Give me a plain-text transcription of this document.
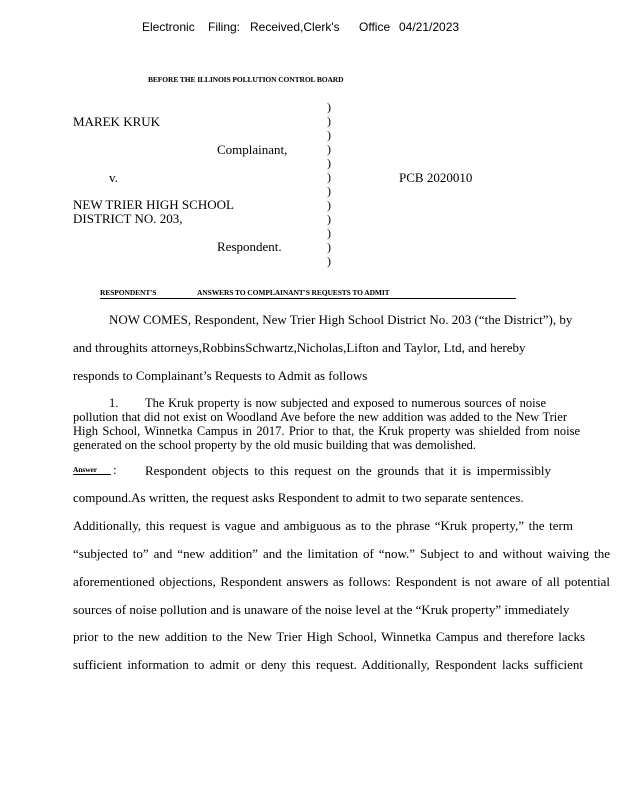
Electronic Filing: Received,Clerk's Office 04/21/2023
BEFORE THE ILLINOIS POLLUTION CONTROL BOARD
)
)
)
)
)
)
)
)
)
)
)
)
MAREK KRUK
Complainant,
v.	PCB 2020010
NEW TRIER HIGH SCHOOL
DISTRICT NO. 203,
Respondent.
RESPONDENT'S	ANSWERS TO COMPLAINANT'S REQUESTS TO ADMIT
NOW COMES, Respondent, New Trier High School District No. 203 (“the District”), by
and throughits attorneys,RobbinsSchwartz,Nicholas,Lifton and Taylor, Ltd, and hereby
responds to Complainant’s Requests to Admit as follows
1. The Kruk property is now subjected and exposed to numerous sources of noise
pollution that did not exist on Woodland Ave before the new addition was added to the New Trier
High School, Winnetka Campus in 2017. Prior to that, the Kruk property was shielded from noise
generated on the school property by the old music building that was demolished.
Answer	: Respondent objects to this request on the grounds that it is impermissibly
compound.As written, the request asks Respondent to admit to two separate sentences.
Additionally, this request is vague and ambiguous as to the phrase “Kruk property,” the term
“subjected to” and “new addition” and the limitation of “now.” Subject to and without waiving the
aforementioned objections, Respondent answers as follows: Respondent is not aware of all potential
sources of noise pollution and is unaware of the noise level at the “Kruk property” immediately
prior to the new addition to the New Trier High School, Winnetka Campus and therefore lacks
sufficient information to admit or deny this request. Additionally, Respondent lacks sufficient
